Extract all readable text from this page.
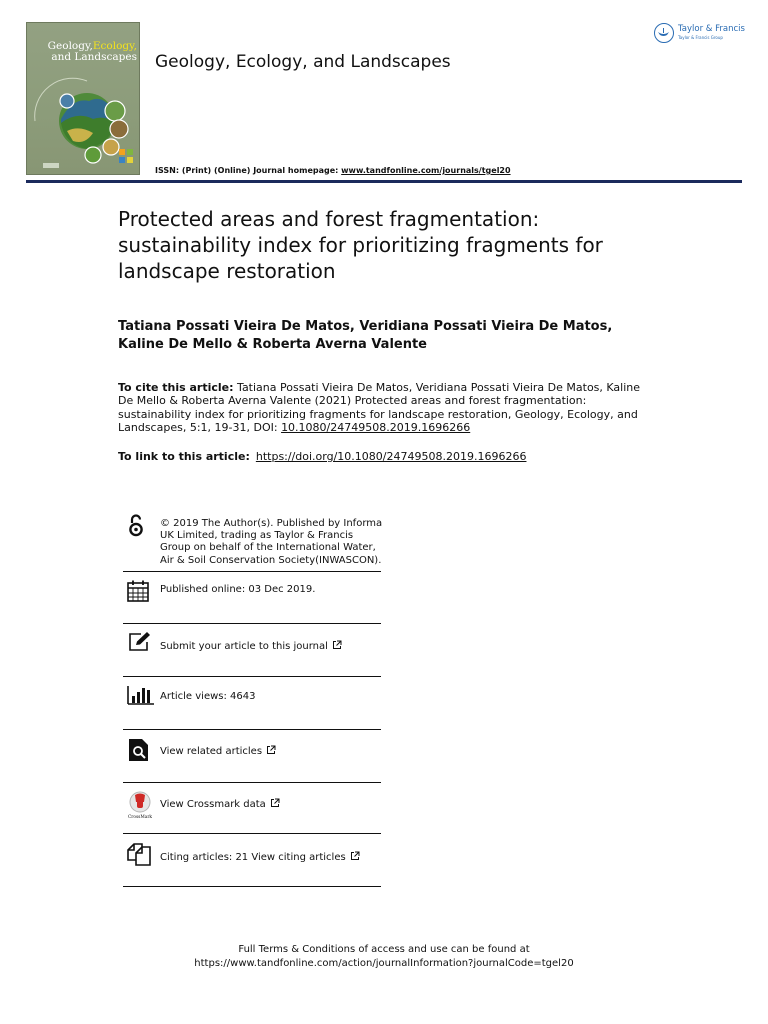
Geology,Ecology,
and Landscapes Geology, Ecology, and Landscapes
Taylor & Francis
Taylor & Francis Group
ISSN: (Print) (Online) Journal homepage: www.tandfonline.com/journals/tgel20
Protected areas and forest fragmentation: sustainability index for prioritizing fragments for landscape restoration
Tatiana Possati Vieira De Matos, Veridiana Possati Vieira De Matos, Kaline De Mello & Roberta Averna Valente
To cite this article: Tatiana Possati Vieira De Matos, Veridiana Possati Vieira De Matos, Kaline De Mello & Roberta Averna Valente (2021) Protected areas and forest fragmentation: sustainability index for prioritizing fragments for landscape restoration, Geology, Ecology, and Landscapes, 5:1, 19-31, DOI: 10.1080/24749508.2019.1696266
To link to this article: https://doi.org/10.1080/24749508.2019.1696266
© 2019 The Author(s). Published by Informa UK Limited, trading as Taylor & Francis Group on behalf of the International Water, Air & Soil Conservation Society(INWASCON).
Published online: 03 Dec 2019.
Submit your article to this journal
Article views: 4643
View related articles
CrossMark
View Crossmark data
Citing articles: 21 View citing articles
Full Terms & Conditions of access and use can be found at
https://www.tandfonline.com/action/journalInformation?journalCode=tgel20
